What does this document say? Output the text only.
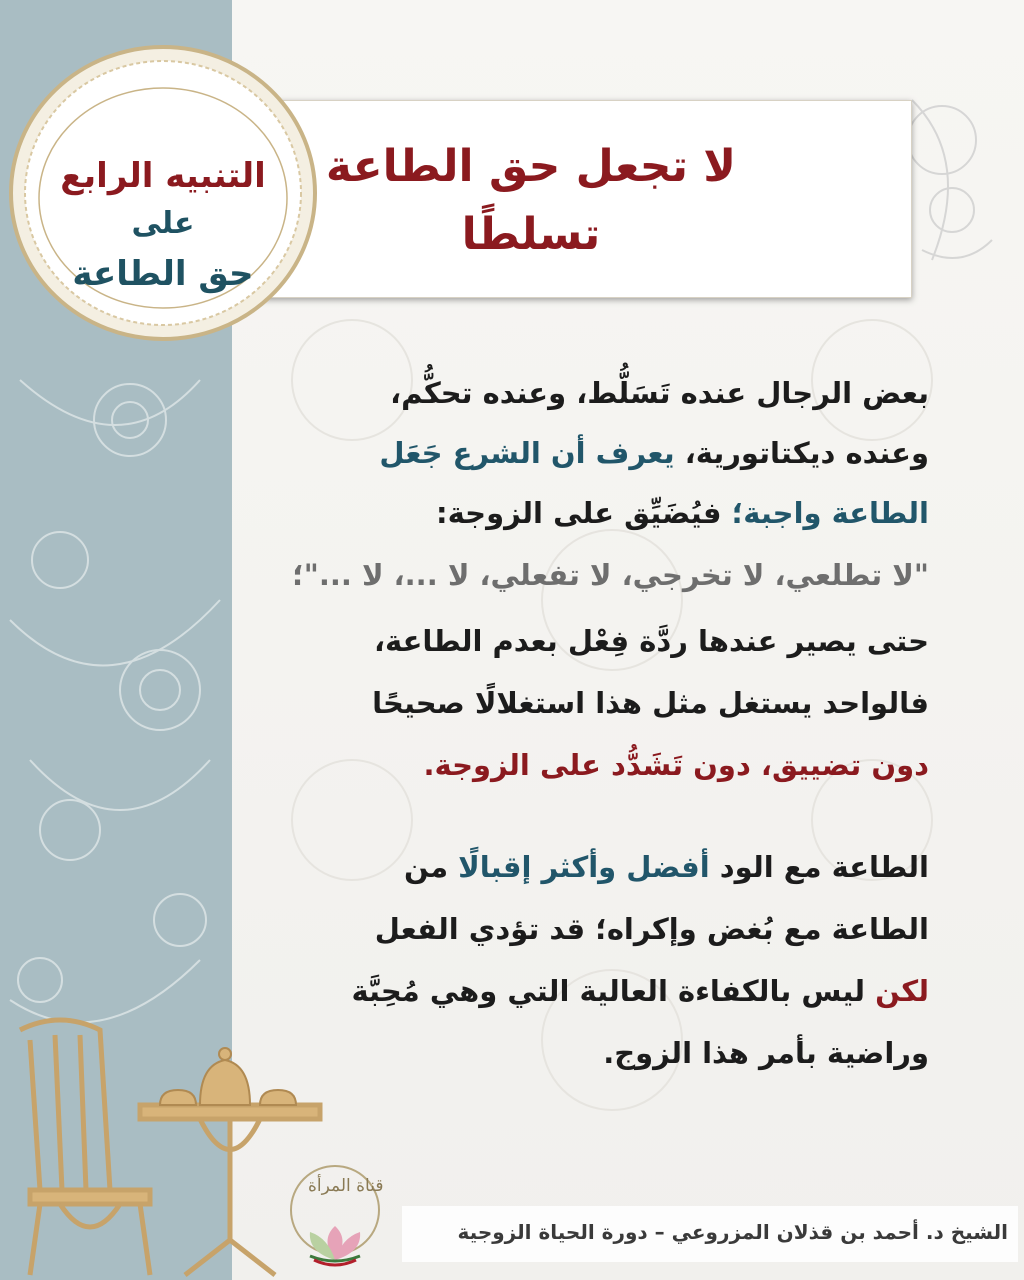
لا تجعل حق الطاعة
تسلطًا
التنبيه الرابع
على
حق الطاعة
بعض الرجال عنده تَسَلُّط، وعنده تحكُّم،
وعنده ديكتاتورية، يعرف أن الشرع جَعَل
الطاعة واجبة؛ فيُضَيِّق على الزوجة:
"لا تطلعي، لا تخرجي، لا تفعلي، لا ...، لا ..."؛
حتى يصير عندها ردَّة فِعْل بعدم الطاعة،
فالواحد يستغل مثل هذا استغلالًا صحيحًا
دون تضييق، دون تَشَدُّد على الزوجة.
الطاعة مع الود أفضل وأكثر إقبالًا من
الطاعة مع بُغض وإكراه؛ قد تؤدي الفعل
لكن ليس بالكفاءة العالية التي وهي مُحِبَّة
وراضية بأمر هذا الزوج.
قناة المرأة
الشيخ د. أحمد بن قذلان المزروعي – دورة الحياة الزوجية
